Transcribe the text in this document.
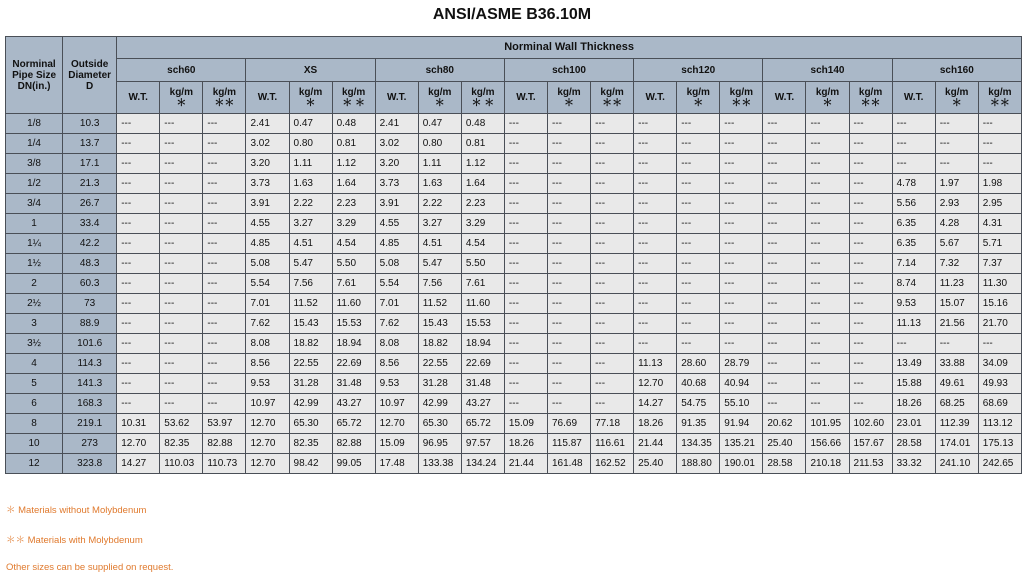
ANSI/ASME B36.10M
Norminal Pipe Size DN(in.)	Outside Diameter D	Norminal Wall Thickness																				
		sch60			XS			sch80			sch100			sch120			sch140			sch160		
		W.T.	kg/m ＊	kg/m ＊＊	W.T.	kg/m ＊	kg/m ＊ ＊	W.T.	kg/m ＊	kg/m ＊ ＊	W.T.	kg/m ＊	kg/m ＊＊	W.T.	kg/m ＊	kg/m ＊＊	W.T.	kg/m ＊	kg/m ＊＊	W.T.	kg/m ＊	kg/m ＊＊
1/8	10.3	---	---	---	2.41	0.47	0.48	2.41	0.47	0.48	---	---	---	---	---	---	---	---	---	---	---	---
1/4	13.7	---	---	---	3.02	0.80	0.81	3.02	0.80	0.81	---	---	---	---	---	---	---	---	---	---	---	---
3/8	17.1	---	---	---	3.20	1.11	1.12	3.20	1.11	1.12	---	---	---	---	---	---	---	---	---	---	---	---
1/2	21.3	---	---	---	3.73	1.63	1.64	3.73	1.63	1.64	---	---	---	---	---	---	---	---	---	4.78	1.97	1.98
3/4	26.7	---	---	---	3.91	2.22	2.23	3.91	2.22	2.23	---	---	---	---	---	---	---	---	---	5.56	2.93	2.95
1	33.4	---	---	---	4.55	3.27	3.29	4.55	3.27	3.29	---	---	---	---	---	---	---	---	---	6.35	4.28	4.31
1¼	42.2	---	---	---	4.85	4.51	4.54	4.85	4.51	4.54	---	---	---	---	---	---	---	---	---	6.35	5.67	5.71
1½	48.3	---	---	---	5.08	5.47	5.50	5.08	5.47	5.50	---	---	---	---	---	---	---	---	---	7.14	7.32	7.37
2	60.3	---	---	---	5.54	7.56	7.61	5.54	7.56	7.61	---	---	---	---	---	---	---	---	---	8.74	11.23	11.30
2½	73	---	---	---	7.01	11.52	11.60	7.01	11.52	11.60	---	---	---	---	---	---	---	---	---	9.53	15.07	15.16
3	88.9	---	---	---	7.62	15.43	15.53	7.62	15.43	15.53	---	---	---	---	---	---	---	---	---	11.13	21.56	21.70
3½	101.6	---	---	---	8.08	18.82	18.94	8.08	18.82	18.94	---	---	---	---	---	---	---	---	---	---	---	---
4	114.3	---	---	---	8.56	22.55	22.69	8.56	22.55	22.69	---	---	---	11.13	28.60	28.79	---	---	---	13.49	33.88	34.09
5	141.3	---	---	---	9.53	31.28	31.48	9.53	31.28	31.48	---	---	---	12.70	40.68	40.94	---	---	---	15.88	49.61	49.93
6	168.3	---	---	---	10.97	42.99	43.27	10.97	42.99	43.27	---	---	---	14.27	54.75	55.10	---	---	---	18.26	68.25	68.69
8	219.1	10.31	53.62	53.97	12.70	65.30	65.72	12.70	65.30	65.72	15.09	76.69	77.18	18.26	91.35	91.94	20.62	101.95	102.60	23.01	112.39	113.12
10	273	12.70	82.35	82.88	12.70	82.35	82.88	15.09	96.95	97.57	18.26	115.87	116.61	21.44	134.35	135.21	25.40	156.66	157.67	28.58	174.01	175.13
12	323.8	14.27	110.03	110.73	12.70	98.42	99.05	17.48	133.38	134.24	21.44	161.48	162.52	25.40	188.80	190.01	28.58	210.18	211.53	33.32	241.10	242.65
＊ Materials without Molybdenum
＊＊ Materials with Molybdenum
Other sizes can be supplied on request.
